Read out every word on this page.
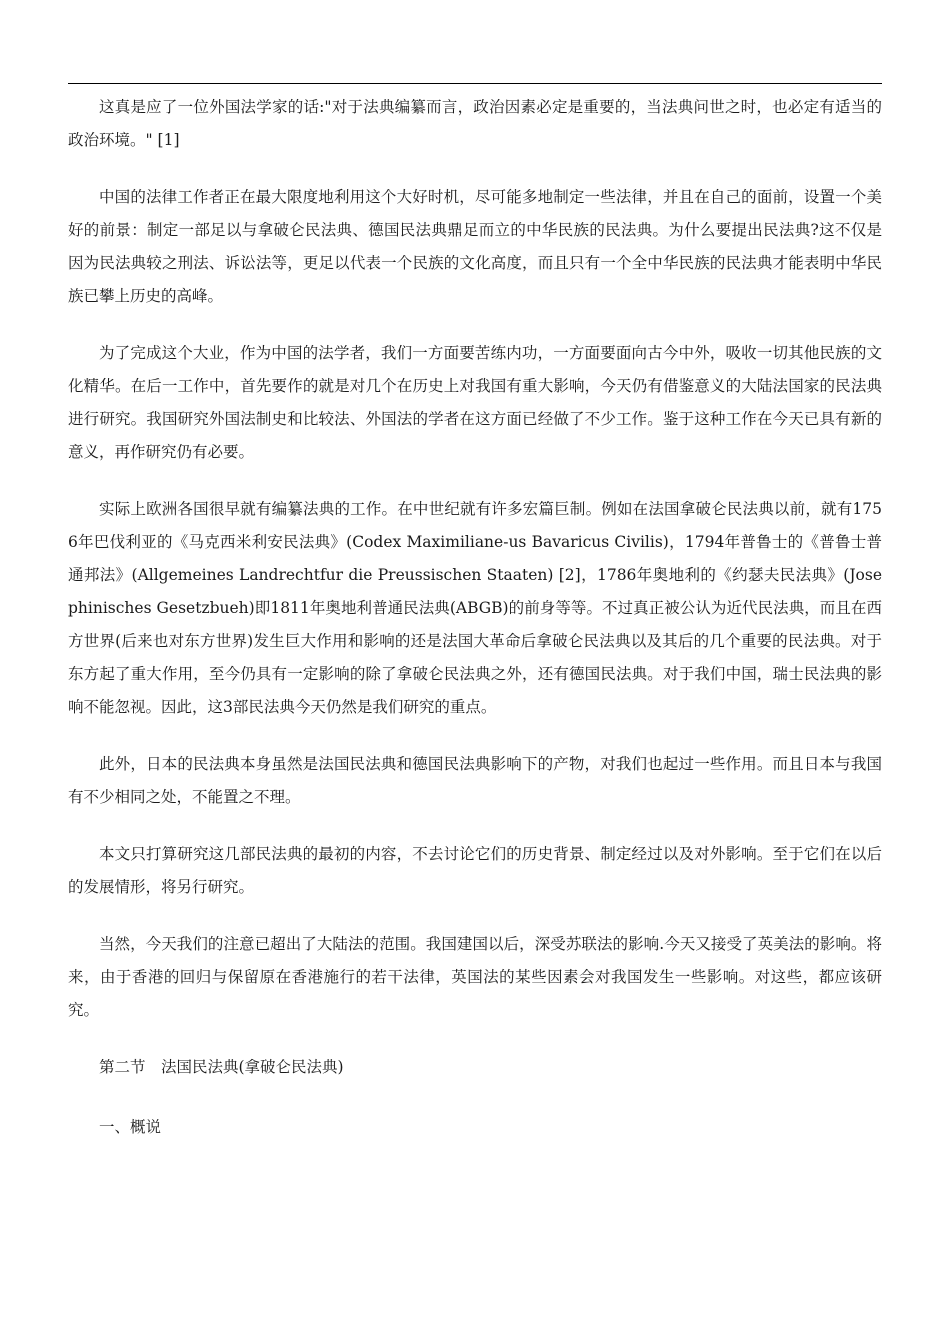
这真是应了一位外国法学家的话:"对于法典编纂而言，政治因素必定是重要的，当法典问世之时，也必定有适当的政治环境。" [1]

中国的法律工作者正在最大限度地利用这个大好时机，尽可能多地制定一些法律，并且在自己的面前，设置一个美好的前景：制定一部足以与拿破仑民法典、德国民法典鼎足而立的中华民族的民法典。为什么要提出民法典?这不仅是因为民法典较之刑法、诉讼法等，更足以代表一个民族的文化高度，而且只有一个全中华民族的民法典才能表明中华民族已攀上历史的高峰。

为了完成这个大业，作为中国的法学者，我们一方面要苦练内功，一方面要面向古今中外，吸收一切其他民族的文化精华。在后一工作中，首先要作的就是对几个在历史上对我国有重大影响，今天仍有借鉴意义的大陆法国家的民法典进行研究。我国研究外国法制史和比较法、外国法的学者在这方面已经做了不少工作。鉴于这种工作在今天已具有新的意义，再作研究仍有必要。

实际上欧洲各国很早就有编纂法典的工作。在中世纪就有许多宏篇巨制。例如在法国拿破仑民法典以前，就有1756年巴伐利亚的《马克西米利安民法典》(Codex Maximiliane-us Bavaricus Civilis)，1794年普鲁士的《普鲁士普通邦法》(Allgemeines Landrechtfur die Preussischen Staaten) [2]，1786年奥地利的《约瑟夫民法典》(Josephinisches Gesetzbueh)即1811年奥地利普通民法典(ABGB)的前身等等。不过真正被公认为近代民法典，而且在西方世界(后来也对东方世界)发生巨大作用和影响的还是法国大革命后拿破仑民法典以及其后的几个重要的民法典。对于东方起了重大作用，至今仍具有一定影响的除了拿破仑民法典之外，还有德国民法典。对于我们中国，瑞士民法典的影响不能忽视。因此，这3部民法典今天仍然是我们研究的重点。

此外，日本的民法典本身虽然是法国民法典和德国民法典影响下的产物，对我们也起过一些作用。而且日本与我国有不少相同之处，不能置之不理。

本文只打算研究这几部民法典的最初的内容，不去讨论它们的历史背景、制定经过以及对外影响。至于它们在以后的发展情形，将另行研究。

当然，今天我们的注意已超出了大陆法的范围。我国建国以后，深受苏联法的影响.今天又接受了英美法的影响。将来，由于香港的回归与保留原在香港施行的若干法律，英国法的某些因素会对我国发生一些影响。对这些，都应该研究。

第二节　法国民法典(拿破仑民法典)

一、概说
